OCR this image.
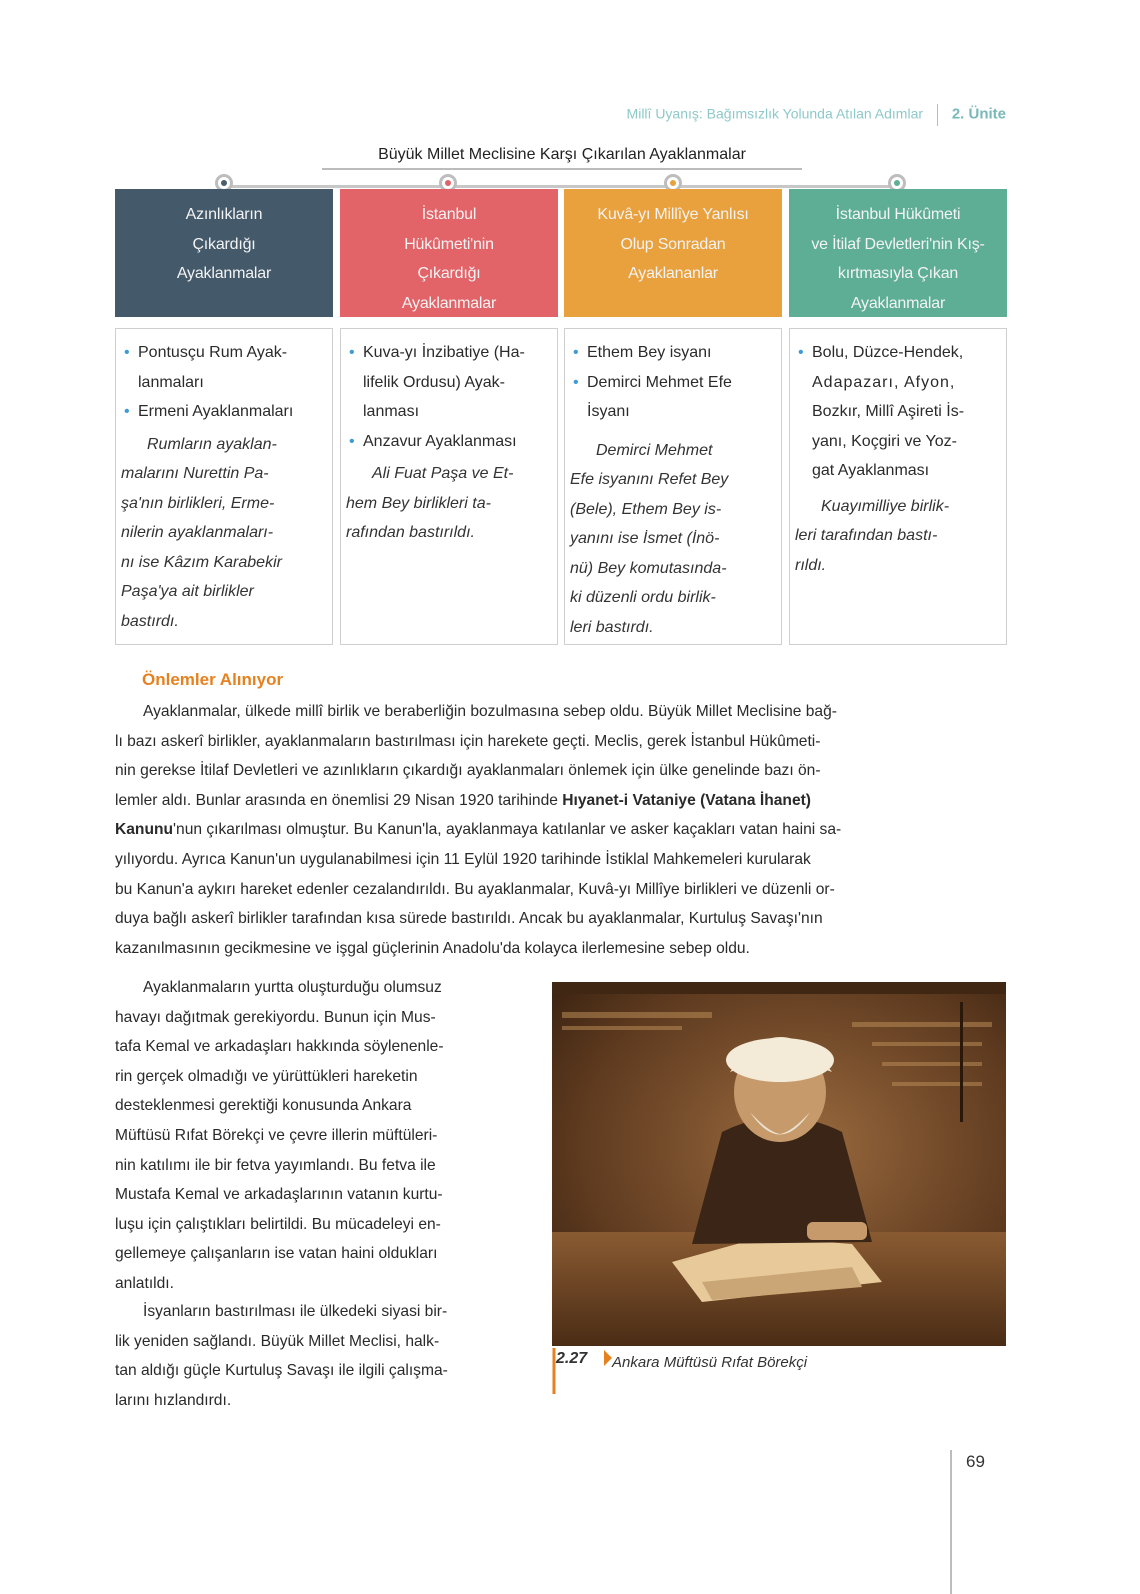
Millî Uyanış: Bağımsızlık Yolunda Atılan Adımlar 2. Ünite
Büyük Millet Meclisine Karşı Çıkarılan Ayaklanmalar
Azınlıkların
Çıkardığı
Ayaklanmalar
İstanbul
Hükûmeti'nin
Çıkardığı
Ayaklanmalar
Kuvâ-yı Millîye Yanlısı
Olup Sonradan
Ayaklananlar
İstanbul Hükûmeti
ve İtilaf Devletleri'nin Kış-
kırtmasıyla Çıkan
Ayaklanmalar
• Pontusçu Rum Ayak-
lanmaları
• Ermeni Ayaklanmaları
Rumların ayaklan-
malarını Nurettin Pa-
şa'nın birlikleri, Erme-
nilerin ayaklanmaları-
nı ise Kâzım Karabekir
Paşa'ya ait birlikler
bastırdı.
• Kuva-yı İnzibatiye (Ha-
lifelik Ordusu) Ayak-
lanması
• Anzavur Ayaklanması
Ali Fuat Paşa ve Et-
hem Bey birlikleri ta-
rafından bastırıldı.
• Ethem Bey isyanı
• Demirci Mehmet Efe
İsyanı
Demirci Mehmet
Efe isyanını Refet Bey
(Bele), Ethem Bey is-
yanını ise İsmet (İnö-
nü) Bey komutasında-
ki düzenli ordu birlik-
leri bastırdı.
• Bolu, Düzce-Hendek,
Adapazarı, Afyon,
Bozkır, Millî Aşireti İs-
yanı, Koçgiri ve Yoz-
gat Ayaklanması
Kuayımilliye birlik-
leri tarafından bastı-
rıldı.
Önlemler Alınıyor
Ayaklanmalar, ülkede millî birlik ve beraberliğin bozulmasına sebep oldu. Büyük Millet Meclisine bağ-
lı bazı askerî birlikler, ayaklanmaların bastırılması için harekete geçti. Meclis, gerek İstanbul Hükûmeti-
nin gerekse İtilaf Devletleri ve azınlıkların çıkardığı ayaklanmaları önlemek için ülke genelinde bazı ön-
lemler aldı. Bunlar arasında en önemlisi 29 Nisan 1920 tarihinde Hıyanet-i Vataniye (Vatana İhanet)
Kanunu'nun çıkarılması olmuştur. Bu Kanun'la, ayaklanmaya katılanlar ve asker kaçakları vatan haini sa-
yılıyordu. Ayrıca Kanun'un uygulanabilmesi için 11 Eylül 1920 tarihinde İstiklal Mahkemeleri kurularak
bu Kanun'a aykırı hareket edenler cezalandırıldı. Bu ayaklanmalar, Kuvâ-yı Millîye birlikleri ve düzenli or-
duya bağlı askerî birlikler tarafından kısa sürede bastırıldı. Ancak bu ayaklanmalar, Kurtuluş Savaşı'nın
kazanılmasının gecikmesine ve işgal güçlerinin Anadolu'da kolayca ilerlemesine sebep oldu.
Ayaklanmaların yurtta oluşturduğu olumsuz
havayı dağıtmak gerekiyordu. Bunun için Mus-
tafa Kemal ve arkadaşları hakkında söylenenle-
rin gerçek olmadığı ve yürüttükleri hareketin
desteklenmesi gerektiği konusunda Ankara
Müftüsü Rıfat Börekçi ve çevre illerin müftüleri-
nin katılımı ile bir fetva yayımlandı. Bu fetva ile
Mustafa Kemal ve arkadaşlarının vatanın kurtu-
luşu için çalıştıkları belirtildi. Bu mücadeleyi en-
gellemeye çalışanların ise vatan haini oldukları
anlatıldı.
İsyanların bastırılması ile ülkedeki siyasi bir-
lik yeniden sağlandı. Büyük Millet Meclisi, halk-
tan aldığı güçle Kurtuluş Savaşı ile ilgili çalışma-
larını hızlandırdı.
2.27 Ankara Müftüsü Rıfat Börekçi
69
